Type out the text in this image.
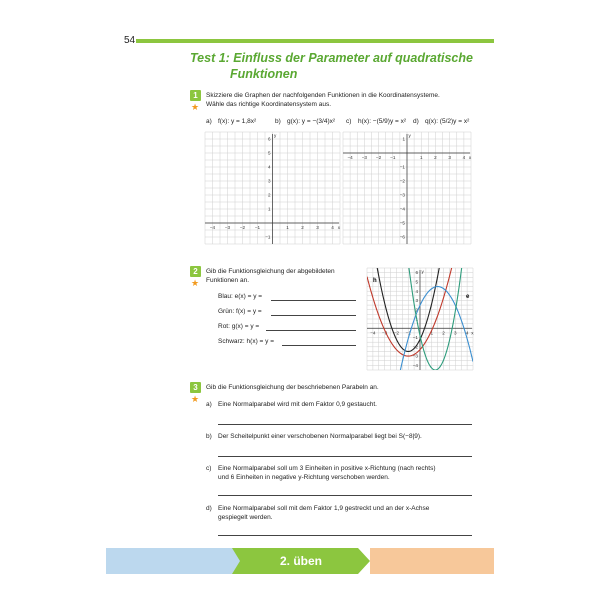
54
Test 1: Einfluss der Parameter auf quadratische
Funktionen
1
★
Skizziere die Graphen der nachfolgenden Funktionen in die Koordinatensysteme.
Wähle das richtige Koordinatensystem aus.
a) f(x): y = 1,8x²	b) g(x): y = −(3/4)x² c) h(x): −(5/9)y = x² d) q(x): (5/2)y = x²
−4 −3 −2 −1	1	2	3	4 x
6
5
4
3
2
1
−1
y
−4 −3 −2 −1	1	2	3	4 x
1
−1
−2
−3
−4
−5
−6
y
2
★
Gib die Funktionsgleichung der abgebildeten
Funktionen an.
Blau: e(x) = y =
Grün: f(x) = y =
Rot: g(x) = y =
Schwarz: h(x) = y =
−4 −3 −2 −1	1 2 3 4 x
6
5
4
3
2
1
−1
−2
−3
−4
y
h
e
3
★
Gib die Funktionsgleichung der beschriebenen Parabeln an.
a) Eine Normalparabel wird mit dem Faktor 0,9 gestaucht.
b) Der Scheitelpunkt einer verschobenen Normalparabel liegt bei S(−8|9).
c) Eine Normalparabel soll um 3 Einheiten in positive x-Richtung (nach rechts)
und 6 Einheiten in negative y-Richtung verschoben werden.
d) Eine Normalparabel soll mit dem Faktor 1,9 gestreckt und an der x-Achse
gespiegelt werden.
2. üben
